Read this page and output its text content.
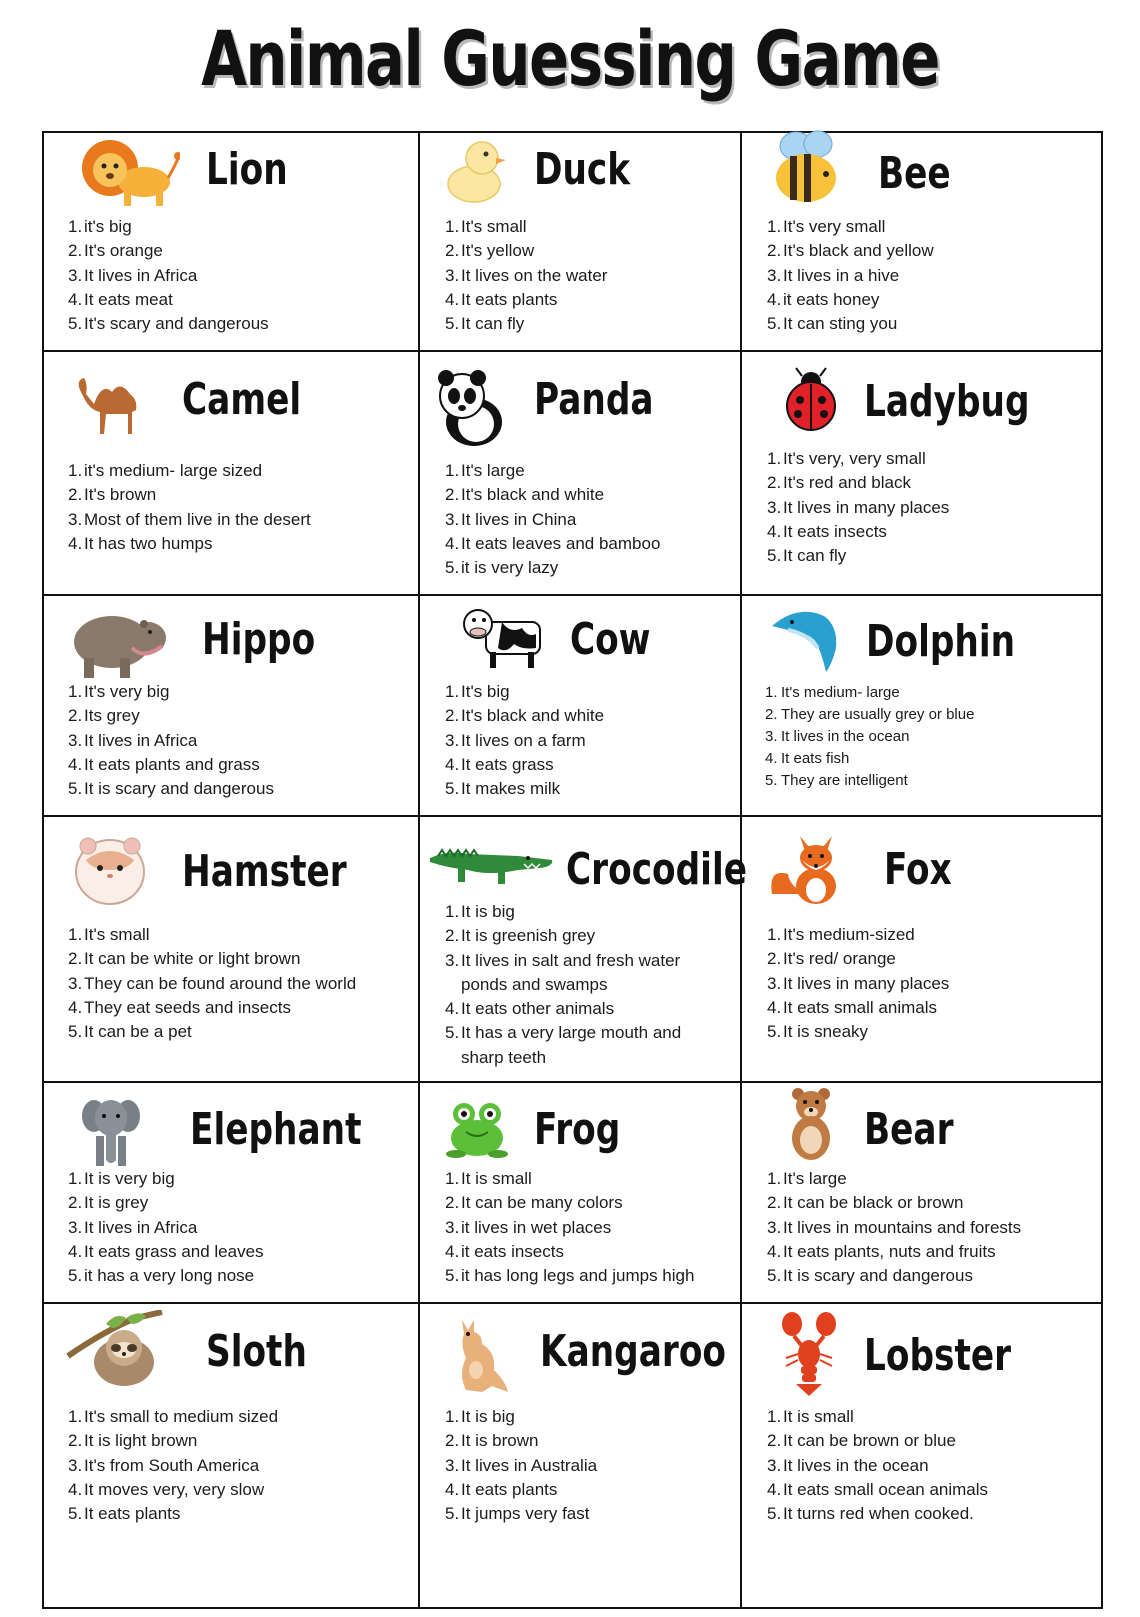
Animal Guessing Game
Lion
1. it's big
2. It's orange
3. It lives in Africa
4. It eats meat
5. It's scary and dangerous
Duck
1. It's small
2. It's yellow
3. It lives on the water
4. It eats plants
5. It can fly
Bee
1. It's very small
2. It's black and yellow
3. It lives in a hive
4. it eats honey
5. It can sting you
Camel
1. it's medium- large sized
2. It's brown
3. Most of them live in the desert
4. It has two humps
Panda
1. It's large
2. It's black and white
3. It lives in China
4. It eats leaves and bamboo
5. it is very lazy
Ladybug
1. It's very, very small
2. It's red and black
3. It lives in many places
4. It eats insects
5. It can fly
Hippo
1. It's very big
2. Its grey
3. It lives in Africa
4. It eats plants and grass
5. It is scary and dangerous
Cow
1. It's big
2. It's black and white
3. It lives on a farm
4. It eats grass
5. It makes milk
Dolphin
1. It's medium- large
2. They are usually grey or blue
3. It lives in the ocean
4. It eats fish
5. They are intelligent
Hamster
1. It's small
2. It can be white or light brown
3. They can be found around the world
4. They eat seeds and insects
5. It can be a pet
Crocodile
1. It is big
2. It is greenish grey
3. It lives in salt and fresh water
ponds and swamps
4. It eats other animals
5. It has a very large mouth and
sharp teeth
Fox
1. It's medium-sized
2. It's red/ orange
3. It lives in many places
4. It eats small animals
5. It is sneaky
Elephant
1. It is very big
2. It is grey
3. It lives in Africa
4. It eats grass and leaves
5. it has a very long nose
Frog
1. It is small
2. It can be many colors
3. it lives in wet places
4. it eats insects
5. it has long legs and jumps high
Bear
1. It's large
2. It can be black or brown
3. It lives in mountains and forests
4. It eats plants, nuts and fruits
5. It is scary and dangerous
Sloth
1. It's small to medium sized
2. It is light brown
3. It's from South America
4. It moves very, very slow
5. It eats plants
Kangaroo
1. It is big
2. It is brown
3. It lives in Australia
4. It eats plants
5. It jumps very fast
Lobster
1. It is small
2. It can be brown or blue
3. It lives in the ocean
4. It eats small ocean animals
5. It turns red when cooked.
